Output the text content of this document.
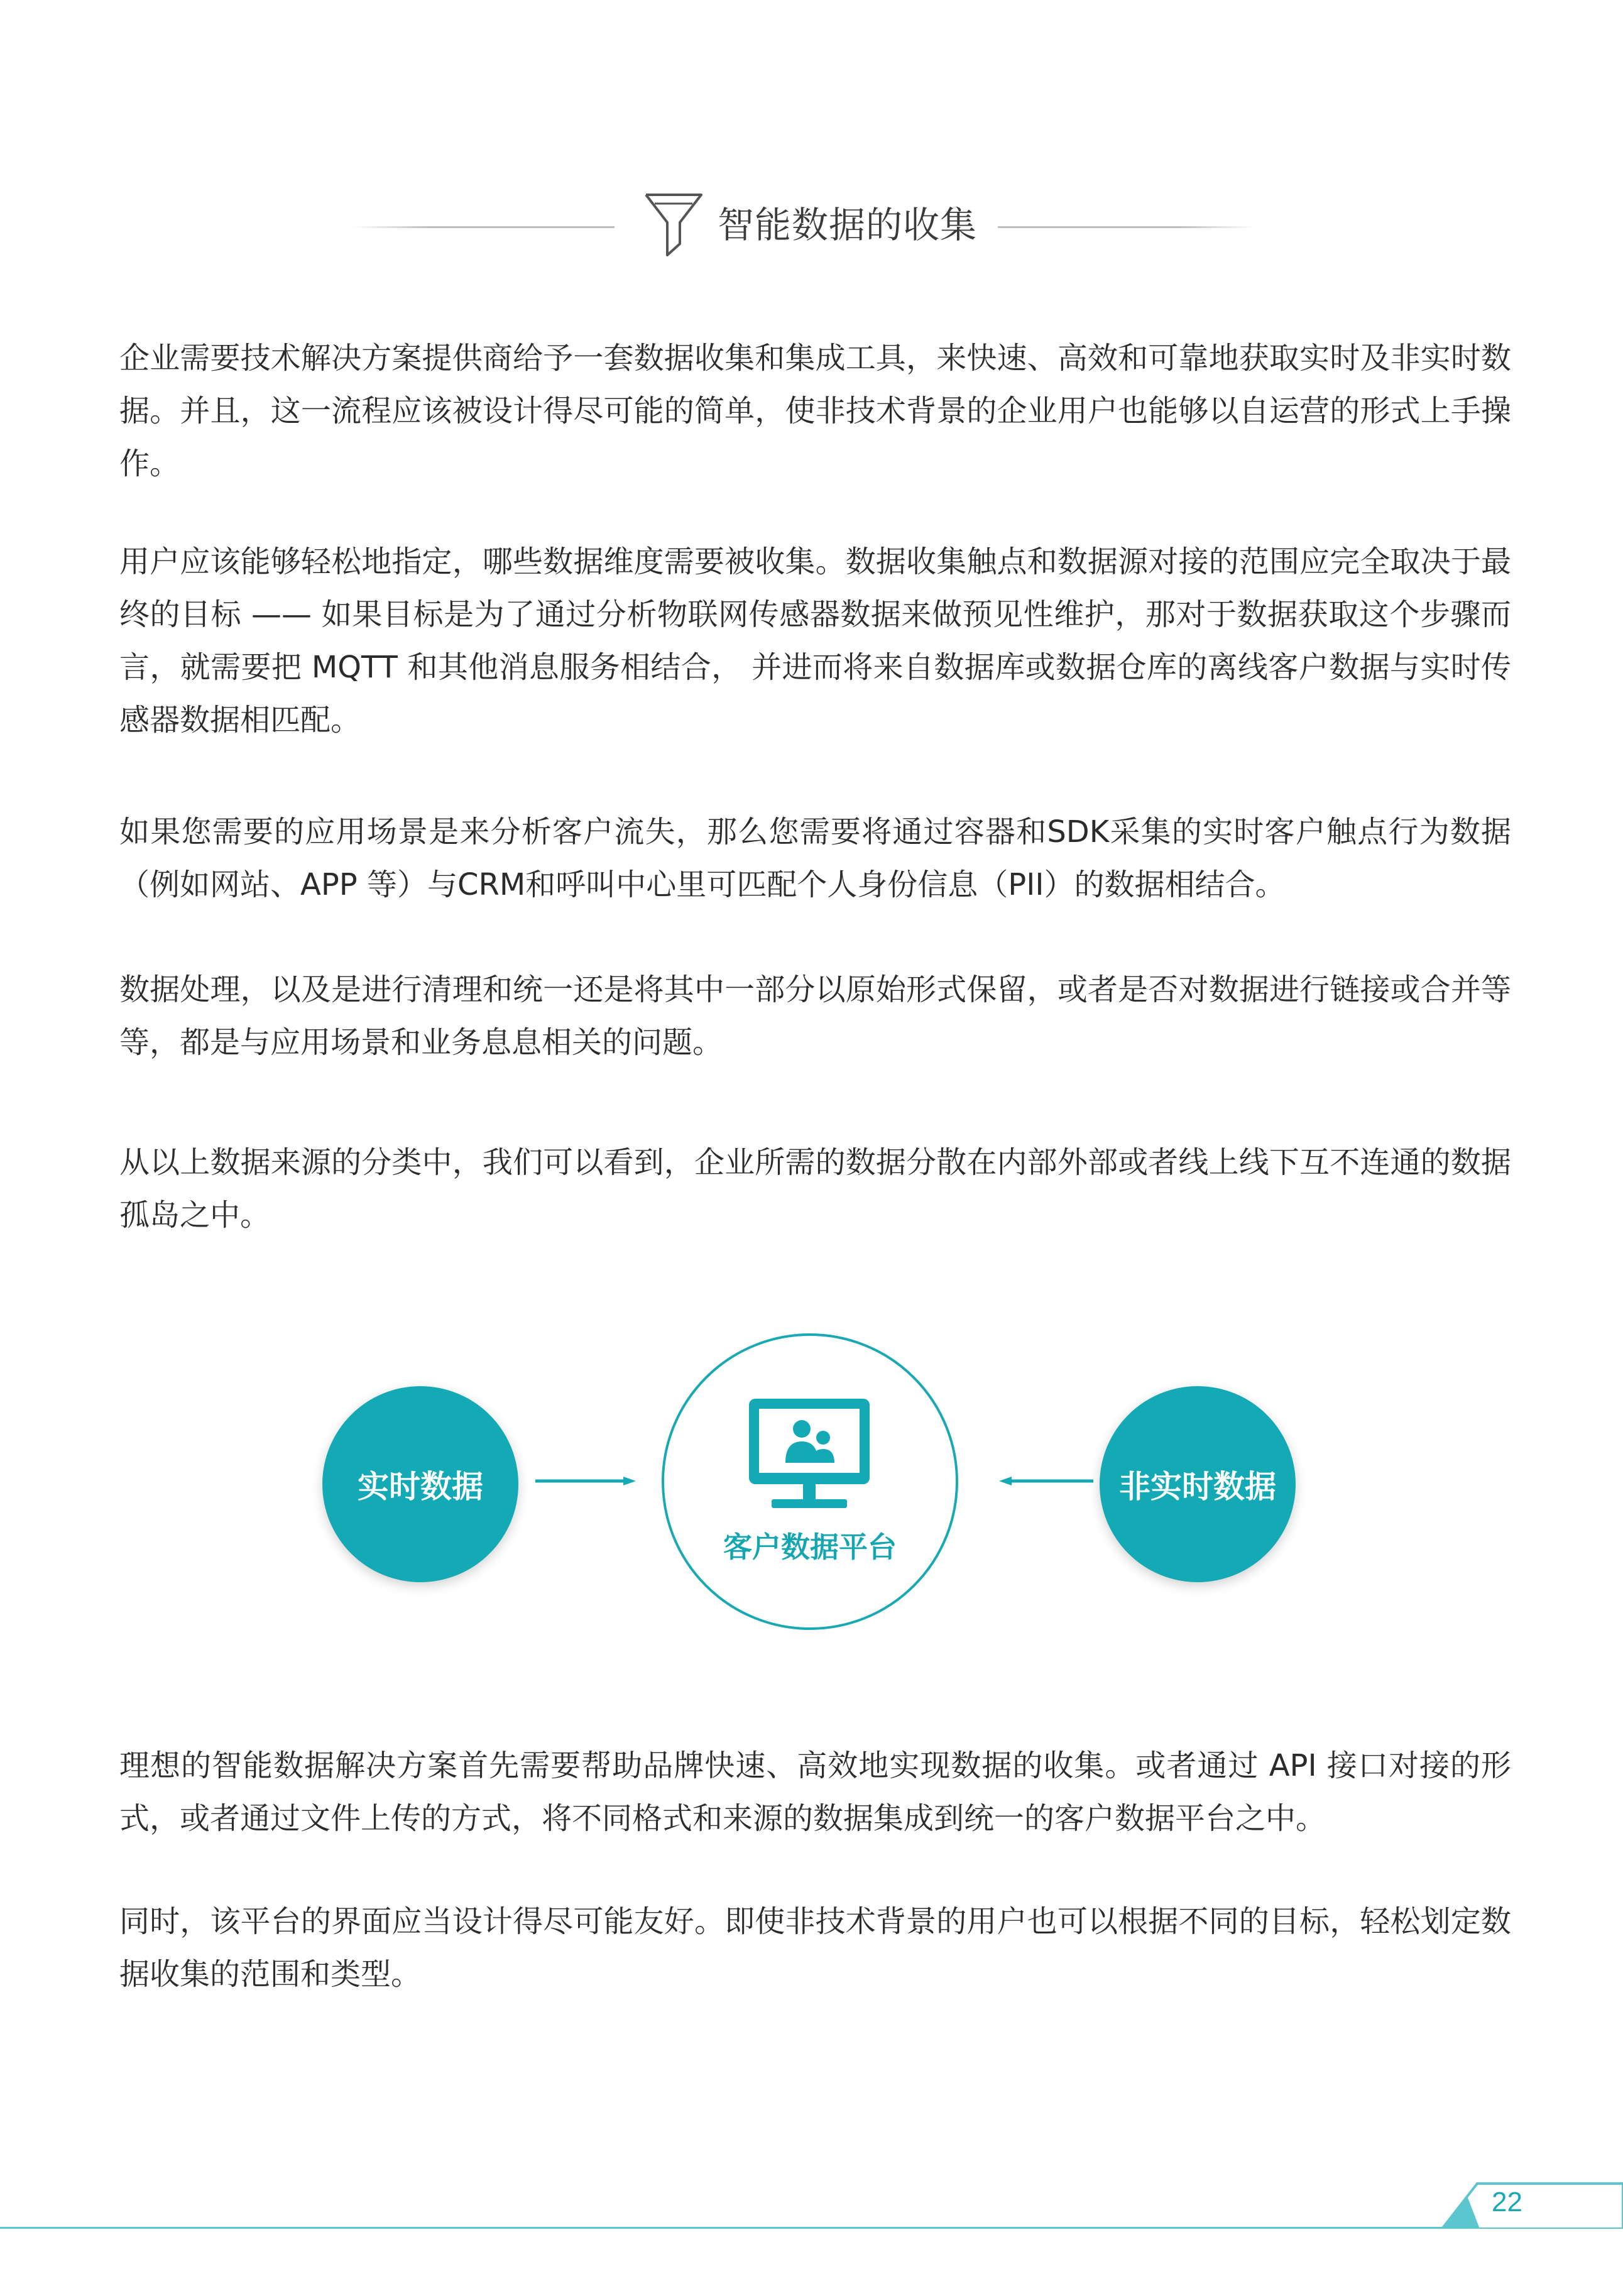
智能数据的收集

企业需要技术解决方案提供商给予一套数据收集和集成工具，来快速、高效和可靠地获取实时及非实时数据。并且，这一流程应该被设计得尽可能的简单，使非技术背景的企业用户也能够以自运营的形式上手操作。

用户应该能够轻松地指定，哪些数据维度需要被收集。数据收集触点和数据源对接的范围应完全取决于最终的目标 —— 如果目标是为了通过分析物联网传感器数据来做预见性维护，那对于数据获取这个步骤而言，就需要把 MQTT 和其他消息服务相结合， 并进而将来自数据库或数据仓库的离线客户数据与实时传感器数据相匹配。

如果您需要的应用场景是来分析客户流失，那么您需要将通过容器和SDK采集的实时客户触点行为数据（例如网站、APP 等）与CRM和呼叫中心里可匹配个人身份信息（PII）的数据相结合。

数据处理，以及是进行清理和统一还是将其中一部分以原始形式保留，或者是否对数据进行链接或合并等等，都是与应用场景和业务息息相关的问题。

从以上数据来源的分类中，我们可以看到，企业所需的数据分散在内部外部或者线上线下互不连通的数据孤岛之中。

实时数据
客户数据平台
非实时数据

理想的智能数据解决方案首先需要帮助品牌快速、高效地实现数据的收集。或者通过 API 接口对接的形式，或者通过文件上传的方式，将不同格式和来源的数据集成到统一的客户数据平台之中。

同时，该平台的界面应当设计得尽可能友好。即使非技术背景的用户也可以根据不同的目标，轻松划定数据收集的范围和类型。

22
